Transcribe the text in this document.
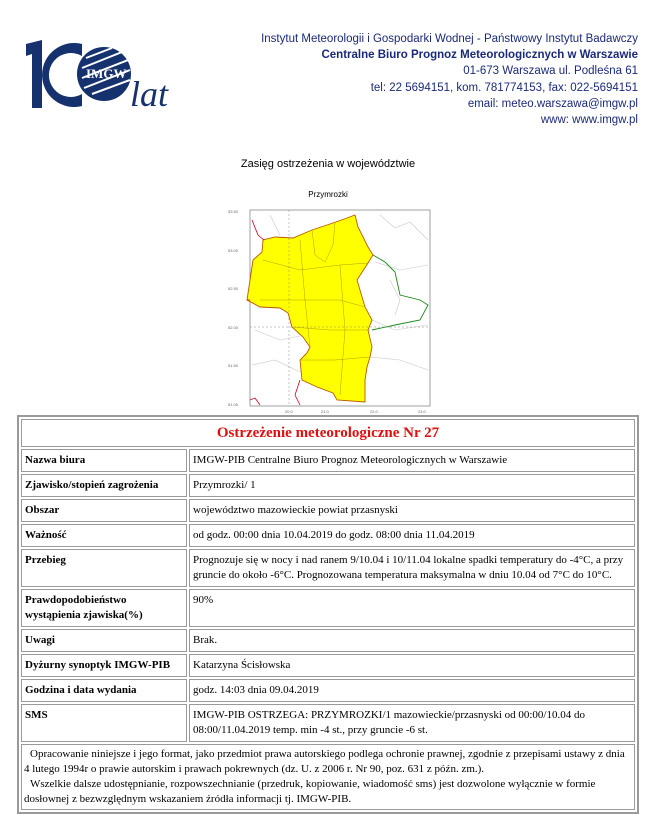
IMGW
lat
Instytut Meteorologii i Gospodarki Wodnej - Państwowy Instytut Badawczy
Centralne Biuro Prognoz Meteorologicznych w Warszawie
01-673 Warszawa ul. Podleśna 61
tel: 22 5694151, kom. 781774153, fax: 022-5694151
email: meteo.warszawa@imgw.pl
www: www.imgw.pl
Zasięg ostrzeżenia w województwie
Przymrozki
53.50
53.00
52.50
52.00
51.50
51.00
20.0	21.0	22.0	23.0
Ostrzeżenie meteorologiczne Nr 27	
Nazwa biura	IMGW-PIB Centralne Biuro Prognoz Meteorologicznych w Warszawie
Zjawisko/stopień zagrożenia	Przymrozki/ 1
Obszar	województwo mazowieckie powiat przasnyski
Ważność	od godz. 00:00 dnia 10.04.2019 do godz. 08:00 dnia 11.04.2019
Przebieg	Prognozuje się w nocy i nad ranem 9/10.04 i 10/11.04 lokalne spadki temperatury do -4°C, a przy gruncie do około -6°C. Prognozowana temperatura maksymalna w dniu 10.04 od 7°C do 10°C.
Prawdopodobieństwo wystąpienia zjawiska(%)	90%
Uwagi	Brak.
Dyżurny synoptyk IMGW-PIB	Katarzyna Ścisłowska
Godzina i data wydania	godz. 14:03 dnia 09.04.2019
SMS	IMGW-PIB OSTRZEGA: PRZYMROZKI/1 mazowieckie/przasnyski od 00:00/10.04 do 08:00/11.04.2019 temp. min -4 st., przy gruncie -6 st.

Opracowanie niniejsze i jego format, jako przedmiot prawa autorskiego podlega ochronie prawnej, zgodnie z przepisami ustawy z dnia 4 lutego 1994r o prawie autorskim i prawach pokrewnych (dz. U. z 2006 r. Nr 90, poz. 631 z późn. zm.).
Wszelkie dalsze udostępnianie, rozpowszechnianie (przedruk, kopiowanie, wiadomość sms) jest dozwolone wyłącznie w formie dosłownej z bezwzględnym wskazaniem źródła informacji tj. IMGW-PIB.	
